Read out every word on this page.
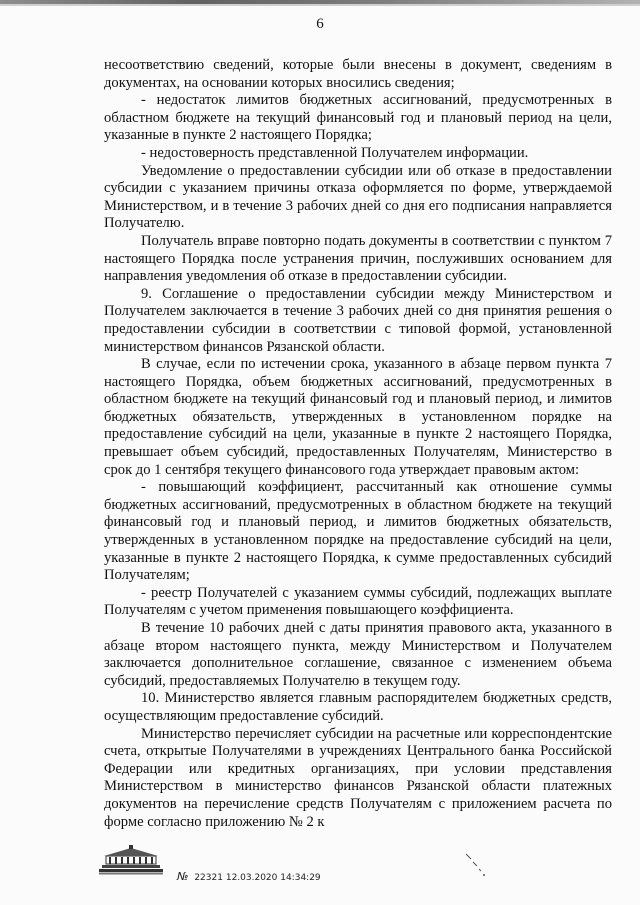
6

несоответствию сведений, которые были внесены в документ, сведениям в документах, на основании которых вносились сведения;

- недостаток лимитов бюджетных ассигнований, предусмотренных в областном бюджете на текущий финансовый год и плановый период на цели, указанные в пункте 2 настоящего Порядка;

- недостоверность представленной Получателем информации.

Уведомление о предоставлении субсидии или об отказе в предоставлении субсидии с указанием причины отказа оформляется по форме, утверждаемой Министерством, и в течение 3 рабочих дней со дня его подписания направляется Получателю.

Получатель вправе повторно подать документы в соответствии с пунктом 7 настоящего Порядка после устранения причин, послуживших основанием для направления уведомления об отказе в предоставлении субсидии.

9. Соглашение о предоставлении субсидии между Министерством и Получателем заключается в течение 3 рабочих дней со дня принятия решения о предоставлении субсидии в соответствии с типовой формой, установленной министерством финансов Рязанской области.

В случае, если по истечении срока, указанного в абзаце первом пункта 7 настоящего Порядка, объем бюджетных ассигнований, предусмотренных в областном бюджете на текущий финансовый год и плановый период, и лимитов бюджетных обязательств, утвержденных в установленном порядке на предоставление субсидий на цели, указанные в пункте 2 настоящего Порядка, превышает объем субсидий, предоставленных Получателям, Министерство в срок до 1 сентября текущего финансового года утверждает правовым актом:

- повышающий коэффициент, рассчитанный как отношение суммы бюджетных ассигнований, предусмотренных в областном бюджете на текущий финансовый год и плановый период, и лимитов бюджетных обязательств, утвержденных в установленном порядке на предоставление субсидий на цели, указанные в пункте 2 настоящего Порядка, к сумме предоставленных субсидий Получателям;

- реестр Получателей с указанием суммы субсидий, подлежащих выплате Получателям с учетом применения повышающего коэффициента.

В течение 10 рабочих дней с даты принятия правового акта, указанного в абзаце втором настоящего пункта, между Министерством и Получателем заключается дополнительное соглашение, связанное с изменением объема субсидий, предоставляемых Получателю в текущем году.

10. Министерство является главным распорядителем бюджетных средств, осуществляющим предоставление субсидий.

Министерство перечисляет субсидии на расчетные или корреспондентские счета, открытые Получателями в учреждениях Центрального банка Российской Федерации или кредитных организациях, при условии представления Министерством в министерство финансов Рязанской области платежных документов на перечисление средств Получателям с приложением расчета по форме согласно приложению № 2 к

№ 22321 12.03.2020 14:34:29
